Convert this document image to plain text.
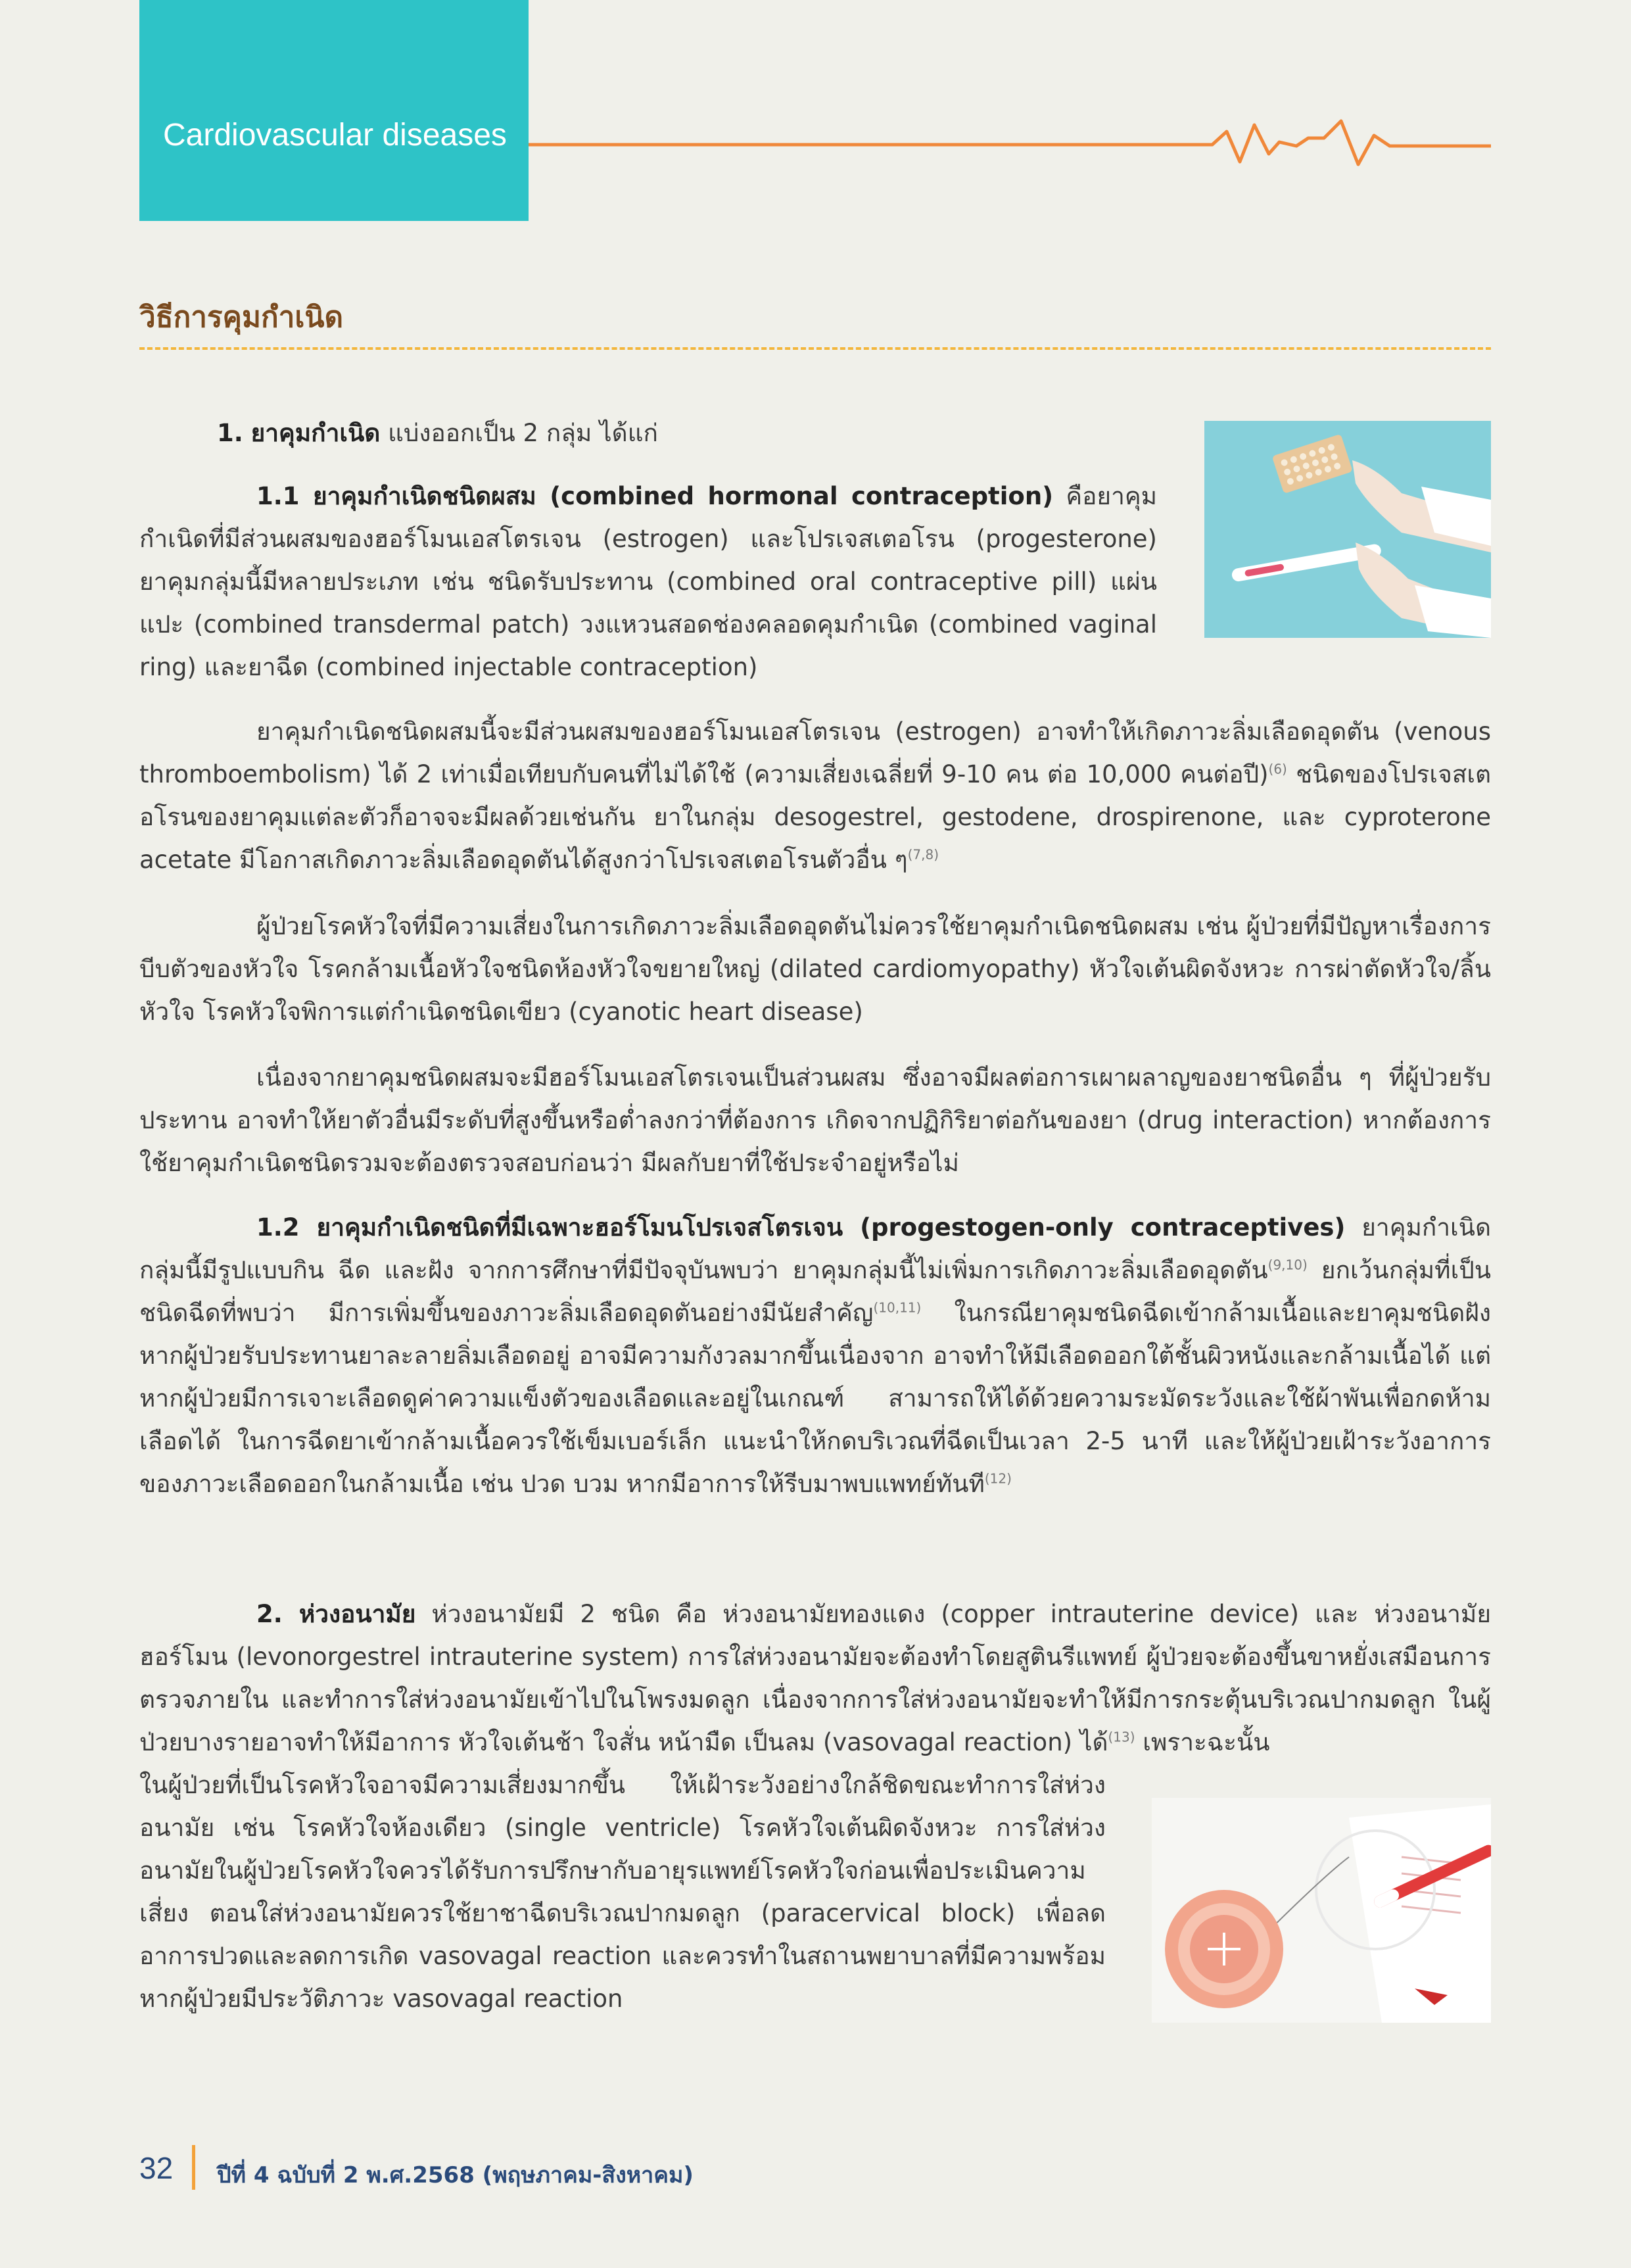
Cardiovascular diseases
วิธีการคุมกำเนิด

1. ยาคุมกำเนิด แบ่งออกเป็น 2 กลุ่ม ได้แก่

1.1 ยาคุมกำเนิดชนิดผสม (combined hormonal contraception) คือยาคุมกำเนิดที่มีส่วนผสมของฮอร์โมนเอสโตรเจน (estrogen) และโปรเจสเตอโรน (progesterone) ยาคุมกลุ่มนี้มีหลายประเภท เช่น ชนิดรับประทาน (combined oral contraceptive pill) แผ่นแปะ (combined transdermal patch) วงแหวนสอดช่องคลอดคุมกำเนิด (combined vaginal ring) และยาฉีด (combined injectable contraception)

ยาคุมกำเนิดชนิดผสมนี้จะมีส่วนผสมของฮอร์โมนเอสโตรเจน (estrogen) อาจทำให้เกิดภาวะลิ่มเลือดอุดตัน (venous thromboembolism) ได้ 2 เท่าเมื่อเทียบกับคนที่ไม่ได้ใช้ (ความเสี่ยงเฉลี่ยที่ 9-10 คน ต่อ 10,000 คนต่อปี)$^{(6)}$ ชนิดของโปรเจสเตอโรนของยาคุมแต่ละตัวก็อาจจะมีผลด้วยเช่นกัน ยาในกลุ่ม desogestrel, gestodene, drospirenone, และ cyproterone acetate มีโอกาสเกิดภาวะลิ่มเลือดอุดตันได้สูงกว่าโปรเจสเตอโรนตัวอื่น ๆ$^{(7,8)}$

ผู้ป่วยโรคหัวใจที่มีความเสี่ยงในการเกิดภาวะลิ่มเลือดอุดตันไม่ควรใช้ยาคุมกำเนิดชนิดผสม เช่น ผู้ป่วยที่มีปัญหาเรื่องการบีบตัวของหัวใจ โรคกล้ามเนื้อหัวใจชนิดห้องหัวใจขยายใหญ่ (dilated cardiomyopathy) หัวใจเต้นผิดจังหวะ การผ่าตัดหัวใจ/ลิ้นหัวใจ โรคหัวใจพิการแต่กำเนิดชนิดเขียว (cyanotic heart disease)

เนื่องจากยาคุมชนิดผสมจะมีฮอร์โมนเอสโตรเจนเป็นส่วนผสม ซึ่งอาจมีผลต่อการเผาผลาญของยาชนิดอื่น ๆ ที่ผู้ป่วยรับประทาน อาจทำให้ยาตัวอื่นมีระดับที่สูงขึ้นหรือต่ำลงกว่าที่ต้องการ เกิดจากปฏิกิริยาต่อกันของยา (drug interaction) หากต้องการใช้ยาคุมกำเนิดชนิดรวมจะต้องตรวจสอบก่อนว่า มีผลกับยาที่ใช้ประจำอยู่หรือไม่

1.2 ยาคุมกำเนิดชนิดที่มีเฉพาะฮอร์โมนโปรเจสโตรเจน (progestogen-only contraceptives) ยาคุมกำเนิดกลุ่มนี้มีรูปแบบกิน ฉีด และฝัง จากการศึกษาที่มีปัจจุบันพบว่า ยาคุมกลุ่มนี้ไม่เพิ่มการเกิดภาวะลิ่มเลือดอุดตัน$^{(9,10)}$ ยกเว้นกลุ่มที่เป็นชนิดฉีดที่พบว่า มีการเพิ่มขึ้นของภาวะลิ่มเลือดอุดตันอย่างมีนัยสำคัญ$^{(10,11)}$ ในกรณียาคุมชนิดฉีดเข้ากล้ามเนื้อและยาคุมชนิดฝัง หากผู้ป่วยรับประทานยาละลายลิ่มเลือดอยู่ อาจมีความกังวลมากขึ้นเนื่องจาก อาจทำให้มีเลือดออกใต้ชั้นผิวหนังและกล้ามเนื้อได้ แต่หากผู้ป่วยมีการเจาะเลือดดูค่าความแข็งตัวของเลือดและอยู่ในเกณฑ์ สามารถให้ได้ด้วยความระมัดระวังและใช้ผ้าพันเพื่อกดห้ามเลือดได้ ในการฉีดยาเข้ากล้ามเนื้อควรใช้เข็มเบอร์เล็ก แนะนำให้กดบริเวณที่ฉีดเป็นเวลา 2-5 นาที และให้ผู้ป่วยเฝ้าระวังอาการของภาวะเลือดออกในกล้ามเนื้อ เช่น ปวด บวม หากมีอาการให้รีบมาพบแพทย์ทันที$^{(12)}$

2. ห่วงอนามัย ห่วงอนามัยมี 2 ชนิด คือ ห่วงอนามัยทองแดง (copper intrauterine device) และ ห่วงอนามัยฮอร์โมน (levonorgestrel intrauterine system) การใส่ห่วงอนามัยจะต้องทำโดยสูตินรีแพทย์ ผู้ป่วยจะต้องขึ้นขาหยั่งเสมือนการตรวจภายใน และทำการใส่ห่วงอนามัยเข้าไปในโพรงมดลูก เนื่องจากการใส่ห่วงอนามัยจะทำให้มีการกระตุ้นบริเวณปากมดลูก ในผู้ป่วยบางรายอาจทำให้มีอาการ หัวใจเต้นช้า ใจสั่น หน้ามืด เป็นลม (vasovagal reaction) ได้$^{(13)}$ เพราะฉะนั้น

ในผู้ป่วยที่เป็นโรคหัวใจอาจมีความเสี่ยงมากขึ้น ให้เฝ้าระวังอย่างใกล้ชิดขณะทำการใส่ห่วงอนามัย เช่น โรคหัวใจห้องเดียว (single ventricle) โรคหัวใจเต้นผิดจังหวะ การใส่ห่วงอนามัยในผู้ป่วยโรคหัวใจควรได้รับการปรึกษากับอายุรแพทย์โรคหัวใจก่อนเพื่อประเมินความเสี่ยง ตอนใส่ห่วงอนามัยควรใช้ยาชาฉีดบริเวณปากมดลูก (paracervical block) เพื่อลดอาการปวดและลดการเกิด vasovagal reaction และควรทำในสถานพยาบาลที่มีความพร้อมหากผู้ป่วยมีประวัติภาวะ vasovagal reaction

32 ปีที่ 4 ฉบับที่ 2 พ.ศ.2568 (พฤษภาคม-สิงหาคม)
